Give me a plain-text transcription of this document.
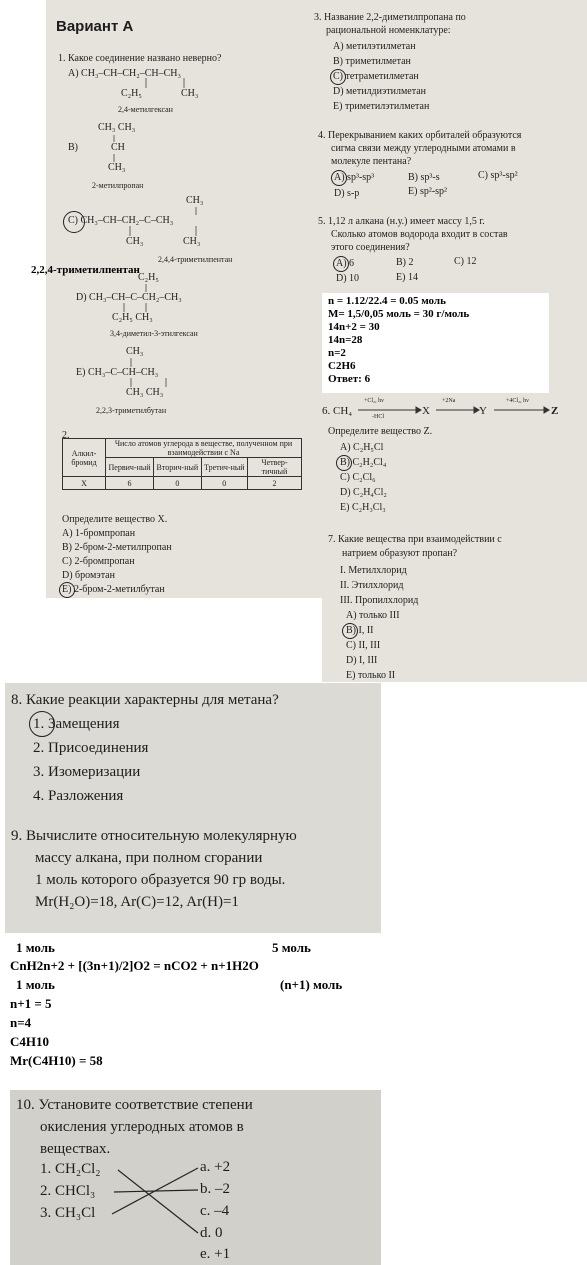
Вариант А
1. Какое соединение названо неверно?
A) CH₃–CH–CH₂–CH–CH₃
C₂H₅	CH₃
2,4-метилгексан
CH₃ CH₃
B)	CH
CH₃
2-метилпропан
CH₃
C) CH₃–CH–CH₂–C–CH₃
CH₃	CH₃
2,4,4-триметилпентан
C₂H₅
D) CH₃–CH–C–CH₂–CH₃
C₂H₅ CH₃
3,4-диметил-3-этилгексан
CH₃
E) CH₃–C–CH–CH₃
CH₃ CH₃
2,2,3-триметилбутан
2.
Алкил-бромид	Число атомов углерода в веществе, полученном при взаимодействии с Na			
	Первич-ный	Вторич-ный	Третич-ный	Четвер-тичный
X	6	0	0	2
Определите вещество X.
A) 1-бромпропан
B) 2-бром-2-метилпропан
C) 2-бромпропан
D) бромэтан
E) 2-бром-2-метилбутан
3. Название 2,2-диметилпропана по
рациональной номенклатуре:
A) метилэтилметан
B) триметилметан
C) тетраметилметан
D) метилдиэтилметан
E) триметилэтилметан
4. Перекрыванием каких орбиталей образуются
сигма связи между углеродными атомами в
молекуле пентана?
A) sp³-sp³	B) sp³-s	C) sp³-sp²
D) s-p	E) sp²-sp²
5. 1,12 л алкана (н.у.) имеет массу 1,5 г.
Сколько атомов водорода входит в состав
этого соединения?
A) 6	B) 2	C) 12
D) 10	E) 14
6. CH₄
+Cl₂, hν
-HCl	X
+2Na
Y
+4Cl₂, hν
Z
Определите вещество Z.
A) C₂H₅Cl
B) C₂H₂Cl₄
C) C₂Cl₆
D) C₂H₄Cl₂
E) C₂H₃Cl₃
7. Какие вещества при взаимодействии с
натрием образуют пропан?
I. Метилхлорид
II. Этилхлорид
III. Пропилхлорид
A) только III
B) I, II
C) II, III
D) I, III
E) только II
2,2,4-триметилпентан
n = 1.12/22.4 = 0.05 моль
M= 1,5/0,05 моль = 30 г/моль
14n+2 = 30
14n=28
n=2
C2H6
Ответ: 6
8. Какие реакции характерны для метана?
1. Замещения
2. Присоединения
3. Изомеризации
4. Разложения
9. Вычислите относительную молекулярную
массу алкана, при полном сгорании
1 моль которого образуется 90 гр воды.
Mr(H₂O)=18, Ar(C)=12, Ar(H)=1
1 моль	5 моль
CnH2n+2 + [(3n+1)/2]O2 = nCO2 + n+1H2O
1 моль	(n+1) моль
n+1 = 5
n=4
C4H10
Mr(C4H10) = 58
10. Установите соответствие степени
окисления углеродных атомов в
веществах.
1. CH₂Cl₂
2. CHCl₃
3. CH₃Cl
a. +2
b. –2
c. –4
d. 0
e. +1
